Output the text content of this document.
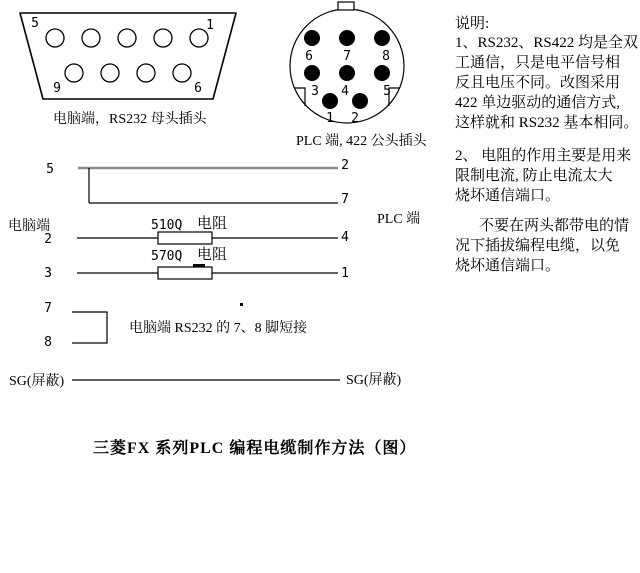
5	1
9	6
电脑端，RS232 母头插头
6 7 8
3 4	5
1 2
PLC 端, 422 公头插头
电脑端	PLC 端
5
2
3
7
8
2
7
4
1
510Q 电阻
570Q 电阻
电脑端 RS232 的 7、8 脚短接
SG(屏蔽)	SG(屏蔽)
说明:
1、RS232、RS422 均是全双
工通信，只是电平信号相
反且电压不同。改图采用
422 单边驱动的通信方式,
这样就和 RS232 基本相同。
2、 电阻的作用主要是用来
限制电流, 防止电流太大
烧坏通信端口。
不要在两头都带电的情
况下插拔编程电缆，以免
烧坏通信端口。
三菱FX 系列PLC 编程电缆制作方法（图）
